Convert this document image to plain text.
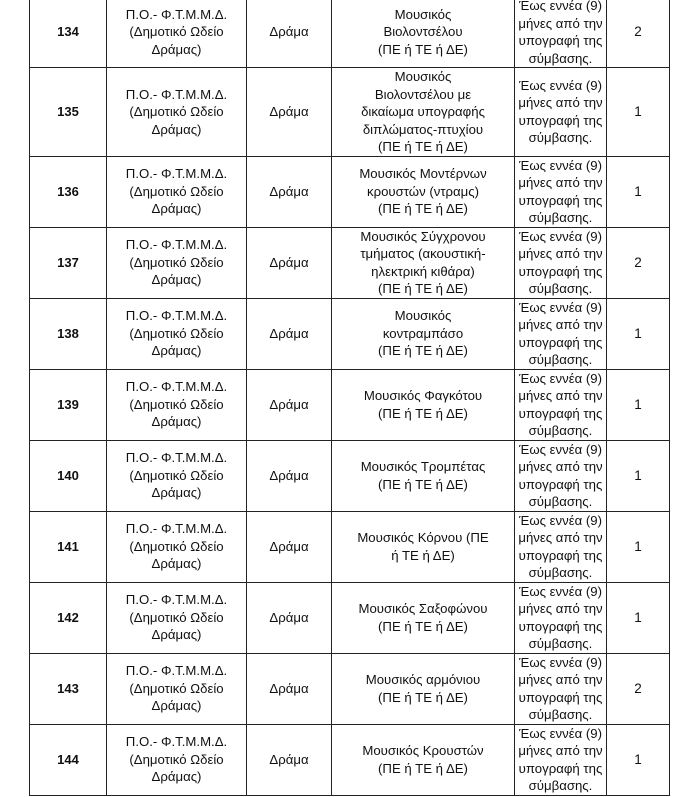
134	Π.Ο.- Φ.Τ.Μ.Μ.Δ.
(Δημοτικό Ωδείο
Δράμας)	Δράμα	Μουσικός
Βιολοντσέλου
(ΠΕ ή ΤΕ ή ΔΕ)	Έως εννέα (9)
μήνες από την
υπογραφή της
σύμβασης.	2
135	Π.Ο.- Φ.Τ.Μ.Μ.Δ.
(Δημοτικό Ωδείο
Δράμας)	Δράμα	Μουσικός
Βιολοντσέλου με
δικαίωμα υπογραφής
διπλώματος-πτυχίου
(ΠΕ ή ΤΕ ή ΔΕ)	Έως εννέα (9)
μήνες από την
υπογραφή της
σύμβασης.	1
136	Π.Ο.- Φ.Τ.Μ.Μ.Δ.
(Δημοτικό Ωδείο
Δράμας)	Δράμα	Μουσικός Μοντέρνων
κρουστών (ντραμς)
(ΠΕ ή ΤΕ ή ΔΕ)	Έως εννέα (9)
μήνες από την
υπογραφή της
σύμβασης.	1
137	Π.Ο.- Φ.Τ.Μ.Μ.Δ.
(Δημοτικό Ωδείο
Δράμας)	Δράμα	Μουσικός Σύγχρονου
τμήματος (ακουστική-
ηλεκτρική κιθάρα)
(ΠΕ ή ΤΕ ή ΔΕ)	Έως εννέα (9)
μήνες από την
υπογραφή της
σύμβασης.	2
138	Π.Ο.- Φ.Τ.Μ.Μ.Δ.
(Δημοτικό Ωδείο
Δράμας)	Δράμα	Μουσικός
κοντραμπάσο
(ΠΕ ή ΤΕ ή ΔΕ)	Έως εννέα (9)
μήνες από την
υπογραφή της
σύμβασης.	1
139	Π.Ο.- Φ.Τ.Μ.Μ.Δ.
(Δημοτικό Ωδείο
Δράμας)	Δράμα	Μουσικός Φαγκότου
(ΠΕ ή ΤΕ ή ΔΕ)	Έως εννέα (9)
μήνες από την
υπογραφή της
σύμβασης.	1
140	Π.Ο.- Φ.Τ.Μ.Μ.Δ.
(Δημοτικό Ωδείο
Δράμας)	Δράμα	Μουσικός Τρομπέτας
(ΠΕ ή ΤΕ ή ΔΕ)	Έως εννέα (9)
μήνες από την
υπογραφή της
σύμβασης.	1
141	Π.Ο.- Φ.Τ.Μ.Μ.Δ.
(Δημοτικό Ωδείο
Δράμας)	Δράμα	Μουσικός Κόρνου (ΠΕ
ή ΤΕ ή ΔΕ)	Έως εννέα (9)
μήνες από την
υπογραφή της
σύμβασης.	1
142	Π.Ο.- Φ.Τ.Μ.Μ.Δ.
(Δημοτικό Ωδείο
Δράμας)	Δράμα	Μουσικός Σαξοφώνου
(ΠΕ ή ΤΕ ή ΔΕ)	Έως εννέα (9)
μήνες από την
υπογραφή της
σύμβασης.	1
143	Π.Ο.- Φ.Τ.Μ.Μ.Δ.
(Δημοτικό Ωδείο
Δράμας)	Δράμα	Μουσικός αρμόνιου
(ΠΕ ή ΤΕ ή ΔΕ)	Έως εννέα (9)
μήνες από την
υπογραφή της
σύμβασης.	2
144	Π.Ο.- Φ.Τ.Μ.Μ.Δ.
(Δημοτικό Ωδείο
Δράμας)	Δράμα	Μουσικός Κρουστών
(ΠΕ ή ΤΕ ή ΔΕ)	Έως εννέα (9)
μήνες από την
υπογραφή της
σύμβασης.	1
